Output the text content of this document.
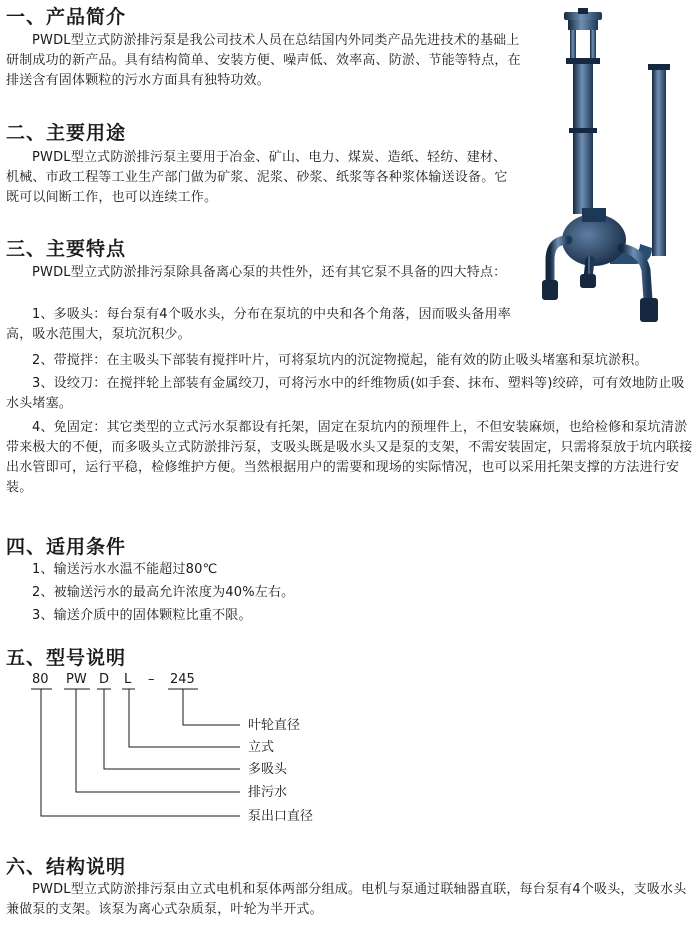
一、产品简介

PWDL型立式防淤排污泵是我公司技术人员在总结国内外同类产品先进技术的基础上研制成功的新产品。具有结构简单、安装方便、噪声低、效率高、防淤、节能等特点，在排送含有固体颗粒的污水方面具有独特功效。

二、主要用途

PWDL型立式防淤排污泵主要用于冶金、矿山、电力、煤炭、造纸、轻纺、建材、机械、市政工程等工业生产部门做为矿浆、泥浆、砂浆、纸浆等各种浆体输送设备。它既可以间断工作，也可以连续工作。

三、主要特点

PWDL型立式防淤排污泵除具备离心泵的共性外，还有其它泵不具备的四大特点：

1、多吸头：每台泵有4个吸水头，分布在泵坑的中央和各个角落，因而吸头备用率高，吸水范围大，泵坑沉积少。

2、带搅拌：在主吸头下部装有搅拌叶片，可将泵坑内的沉淀物搅起，能有效的防止吸头堵塞和泵坑淤积。

3、设绞刀：在搅拌轮上部装有金属绞刀，可将污水中的纤维物质(如手套、抹布、塑料等)绞碎，可有效地防止吸水头堵塞。

4、免固定：其它类型的立式污水泵都设有托架，固定在泵坑内的预埋件上，不但安装麻烦，也给检修和泵坑清淤带来极大的不便，而多吸头立式防淤排污泵，支吸头既是吸水头又是泵的支架，不需安装固定，只需将泵放于坑内联接出水管即可，运行平稳，检修维护方便。当然根据用户的需要和现场的实际情况，也可以采用托架支撑的方法进行安装。

四、适用条件

1、输送污水水温不能超过80℃

2、被输送污水的最高允许浓度为40%左右。

3、输送介质中的固体颗粒比重不限。

五、型号说明
80 PW D L – 245
叶轮直径
立式
多吸头
排污水
泵出口直径
六、结构说明

PWDL型立式防淤排污泵由立式电机和泵体两部分组成。电机与泵通过联轴器直联，每台泵有4个吸头，支吸水头兼做泵的支架。该泵为离心式杂质泵，叶轮为半开式。
